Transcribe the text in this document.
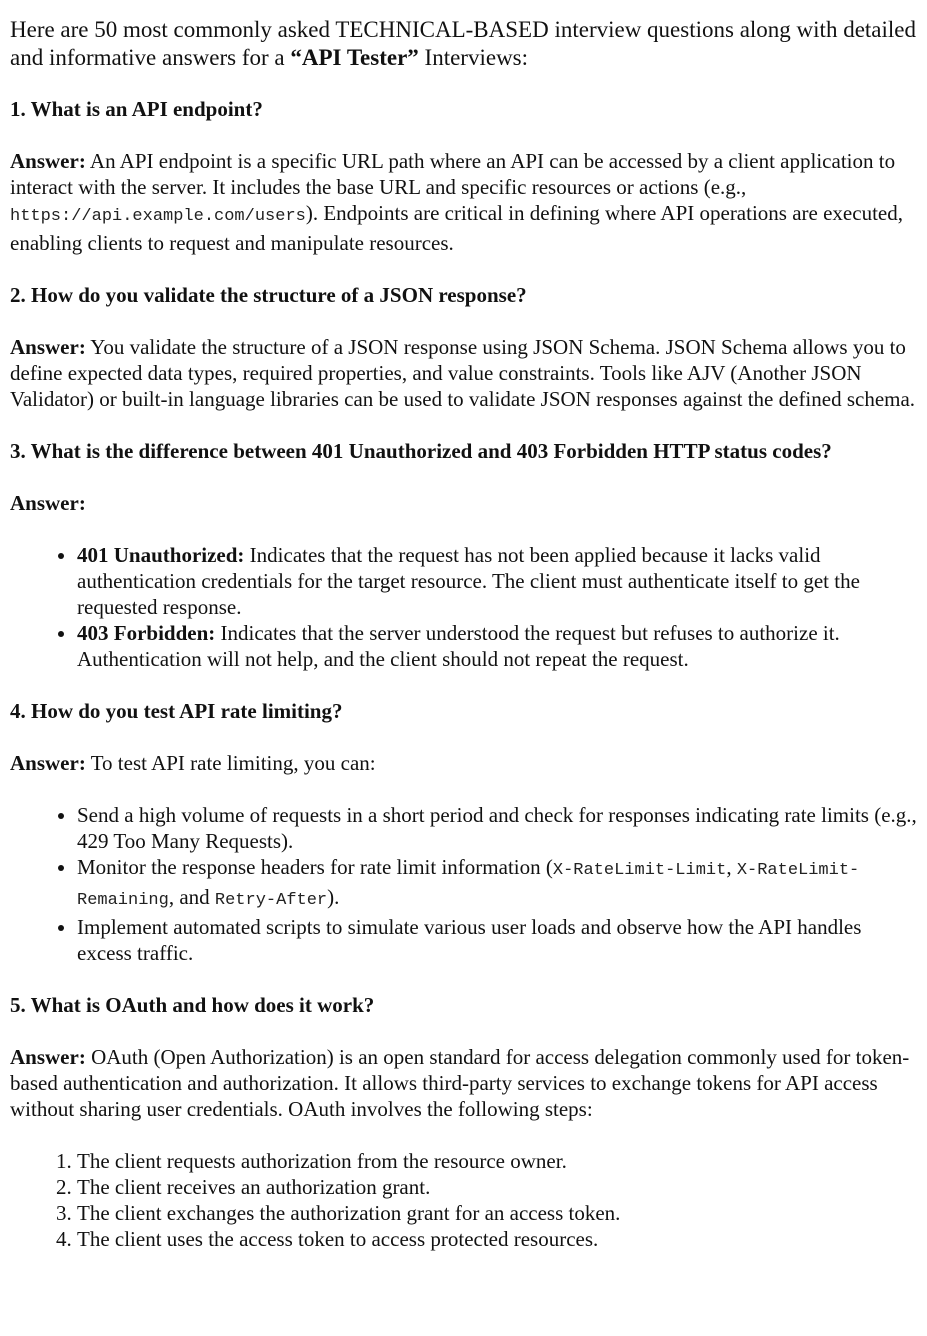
Here are 50 most commonly asked TECHNICAL-BASED interview questions along with detailed and informative answers for a “API Tester” Interviews:

1. What is an API endpoint?

Answer: An API endpoint is a specific URL path where an API can be accessed by a client application to interact with the server. It includes the base URL and specific resources or actions (e.g., https://api.example.com/users). Endpoints are critical in defining where API operations are executed, enabling clients to request and manipulate resources.

2. How do you validate the structure of a JSON response?

Answer: You validate the structure of a JSON response using JSON Schema. JSON Schema allows you to define expected data types, required properties, and value constraints. Tools like AJV (Another JSON Validator) or built-in language libraries can be used to validate JSON responses against the defined schema.

3. What is the difference between 401 Unauthorized and 403 Forbidden HTTP status codes?

Answer:

• 401 Unauthorized: Indicates that the request has not been applied because it lacks valid authentication credentials for the target resource. The client must authenticate itself to get the requested response.
• 403 Forbidden: Indicates that the server understood the request but refuses to authorize it. Authentication will not help, and the client should not repeat the request.

4. How do you test API rate limiting?

Answer: To test API rate limiting, you can:

• Send a high volume of requests in a short period and check for responses indicating rate limits (e.g., 429 Too Many Requests).
• Monitor the response headers for rate limit information (X-RateLimit-Limit, X-RateLimit-Remaining, and Retry-After).
• Implement automated scripts to simulate various user loads and observe how the API handles excess traffic.

5. What is OAuth and how does it work?

Answer: OAuth (Open Authorization) is an open standard for access delegation commonly used for token-based authentication and authorization. It allows third-party services to exchange tokens for API access without sharing user credentials. OAuth involves the following steps:

1. The client requests authorization from the resource owner.
2. The client receives an authorization grant.
3. The client exchanges the authorization grant for an access token.
4. The client uses the access token to access protected resources.
